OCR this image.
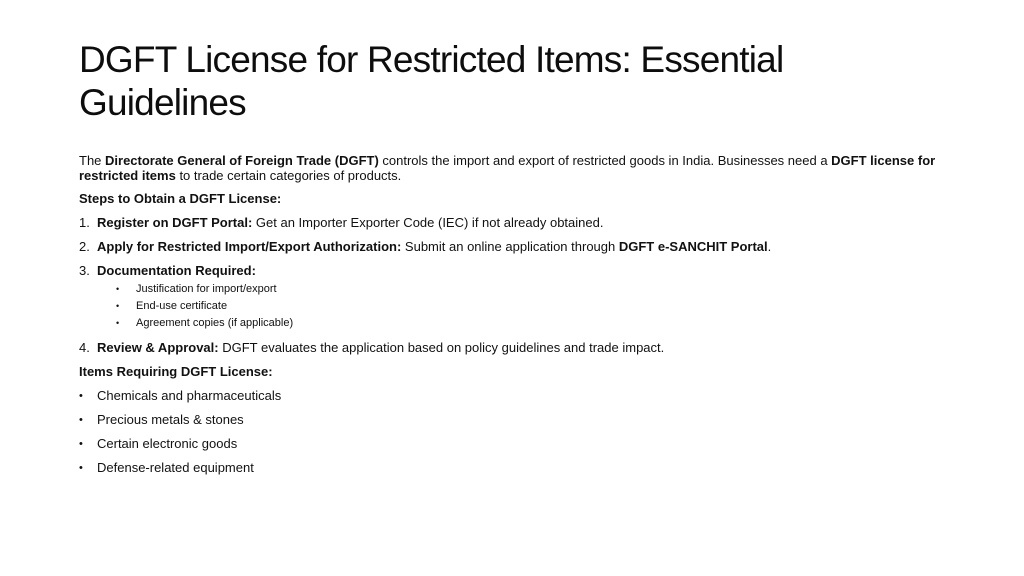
DGFT License for Restricted Items: Essential Guidelines

The Directorate General of Foreign Trade (DGFT) controls the import and export of restricted goods in India. Businesses need a DGFT license for restricted items to trade certain categories of products.

Steps to Obtain a DGFT License:

1. Register on DGFT Portal: Get an Importer Exporter Code (IEC) if not already obtained.
2. Apply for Restricted Import/Export Authorization: Submit an online application through DGFT e-SANCHIT Portal.
3. Documentation Required:
•	Justification for import/export
•	End-use certificate
•	Agreement copies (if applicable)
4. Review & Approval: DGFT evaluates the application based on policy guidelines and trade impact.

Items Requiring DGFT License:

•	Chemicals and pharmaceuticals
•	Precious metals & stones
•	Certain electronic goods
•	Defense-related equipment
